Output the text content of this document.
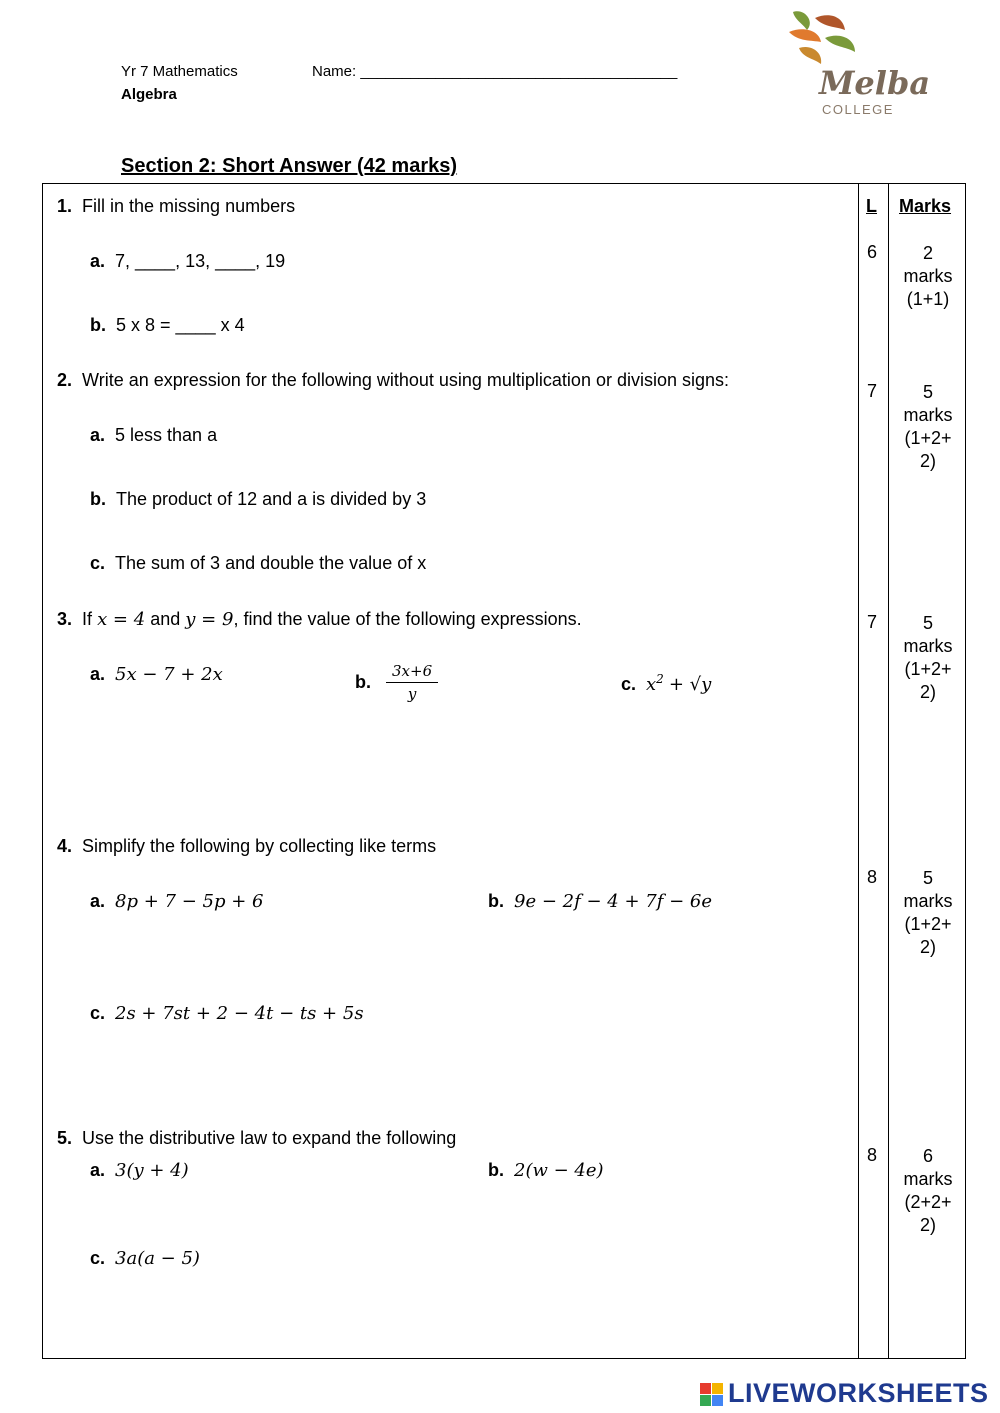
Yr 7 Mathematics
Algebra
Name: ______________________________________	Melba
COLLEGE
Section 2: Short Answer (42 marks)
L Marks
1. Fill in the missing numbers
a. 7, ____, 13, ____, 19
b. 5 x 8 = ____ x 4
6	2
marks
(1+1)
2. Write an expression for the following without using multiplication or division signs:
a. 5 less than a
b. The product of 12 and a is divided by 3
c. The sum of 3 and double the value of x
7	5
marks
(1+2+
2)
3. If x = 4 and y = 9, find the value of the following expressions.
a. 5x − 7 + 2x	b. $\frac{3x+6}{y}$	c. $x^2 + √y$
7	5
marks
(1+2+
2)
4. Simplify the following by collecting like terms
a. 8p + 7 − 5p + 6	b. 9e − 2f − 4 + 7f − 6e
c. 2s + 7st + 2 − 4t − ts + 5s
8	5
marks
(1+2+
2)
5. Use the distributive law to expand the following
a. 3(y + 4)	b. 2(w − 4e)
c. 3a(a − 5)
8	6
marks
(2+2+
2)
LIVEWORKSHEETS
